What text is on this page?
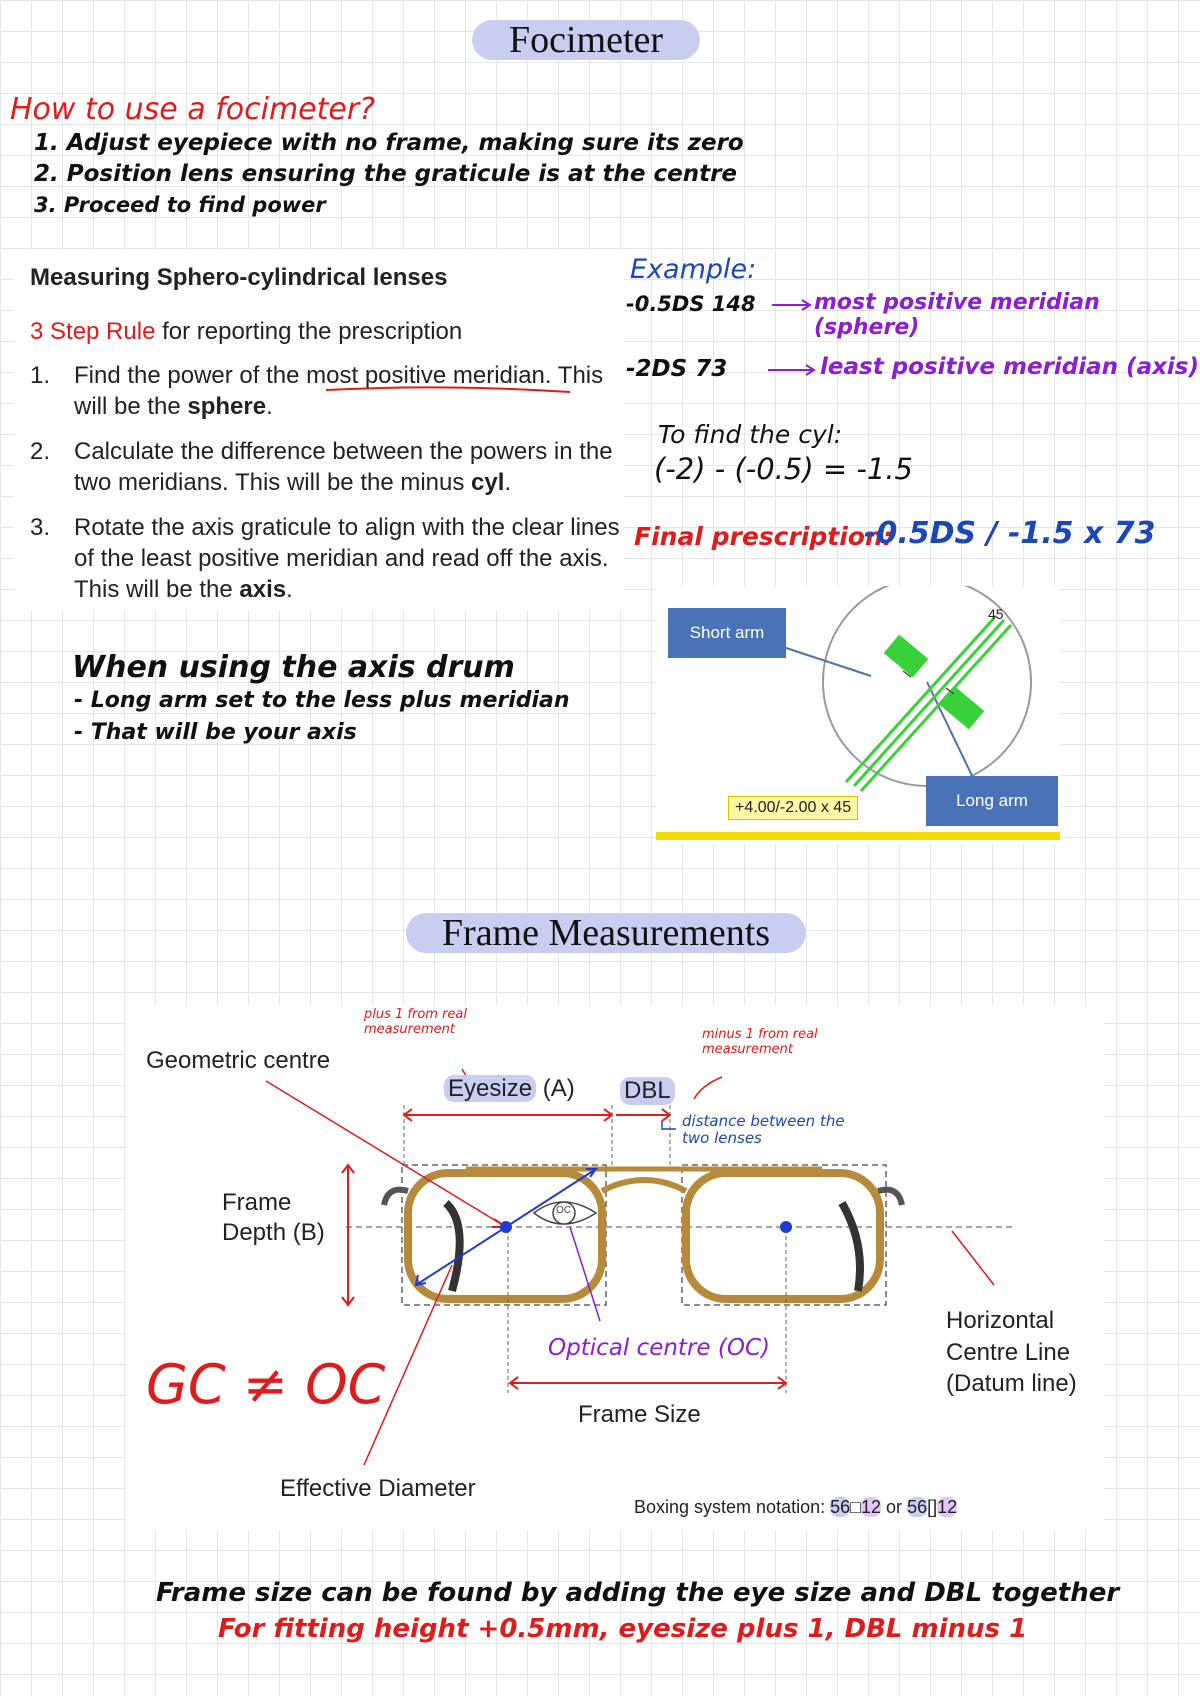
Focimeter
How to use a focimeter?
1. Adjust eyepiece with no frame, making sure its zero
2. Position lens ensuring the graticule is at the centre
3. Proceed to find power
Measuring Sphero-cylindrical lenses
3 Step Rule for reporting the prescription
1. Find the power of the most positive meridian. This will be the sphere.
2. Calculate the difference between the powers in the two meridians. This will be the minus cyl.
3. Rotate the axis graticule to align with the clear lines of the least positive meridian and read off the axis. This will be the axis.
Example:
-0.5DS 148	most positive meridian (sphere)
-2DS 73	least positive meridian (axis)
To find the cyl:
(-2) - (-0.5) = -1.5
Final prescription:
-0.5DS / -1.5 x 73
When using the axis drum
- Long arm set to the less plus meridian
- That will be your axis
Short arm
Long arm
45
+4.00/-2.00 x 45
Frame Measurements
Geometric centre
plus 1 from real measurement	minus 1 from real measurement
Eyesize (A) DBL
distance between the two lenses
Frame
Depth (B)
OC
Optical centre (OC)
GC ≠ OC	Frame Size
Horizontal
Centre Line
(Datum line)
Effective Diameter
Boxing system notation: 56□12 or 56[]12
Frame size can be found by adding the eye size and DBL together
For fitting height +0.5mm, eyesize plus 1, DBL minus 1
